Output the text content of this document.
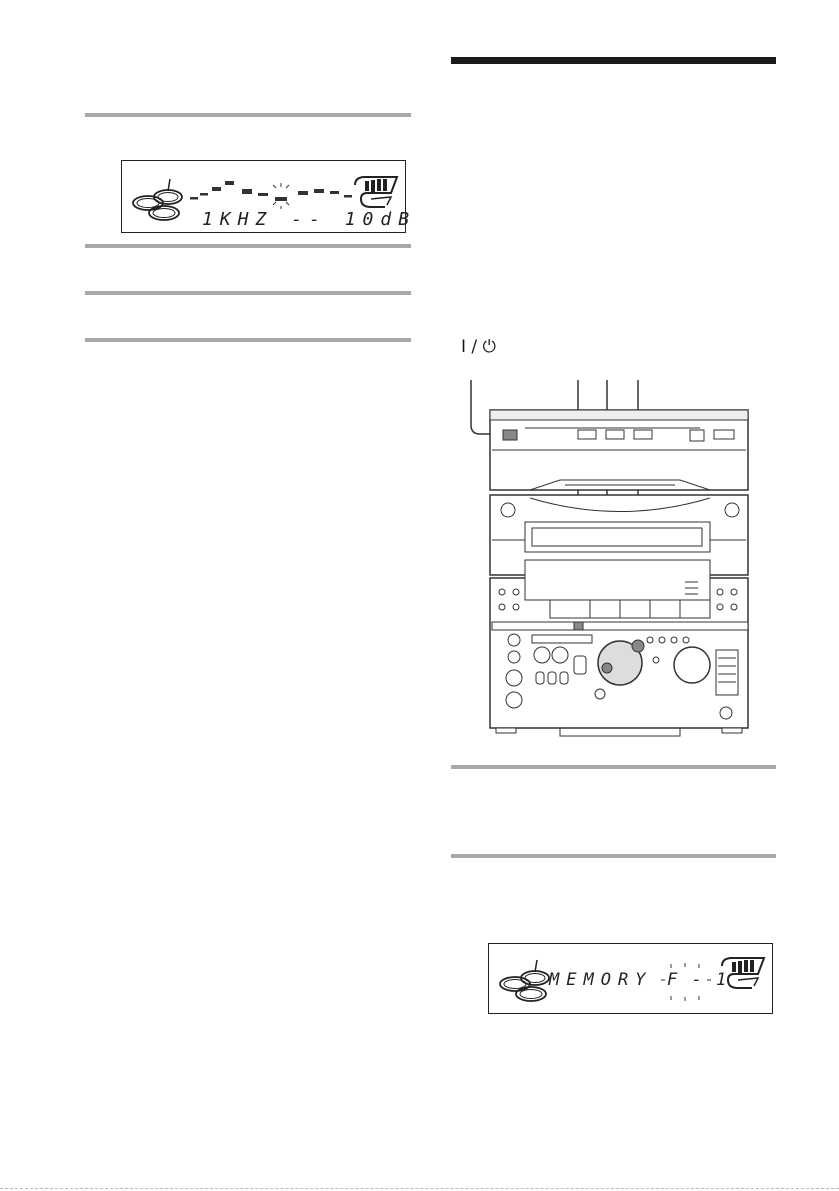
1KHZ -- 10dB
I / ⏻
MEMORY F - 1
